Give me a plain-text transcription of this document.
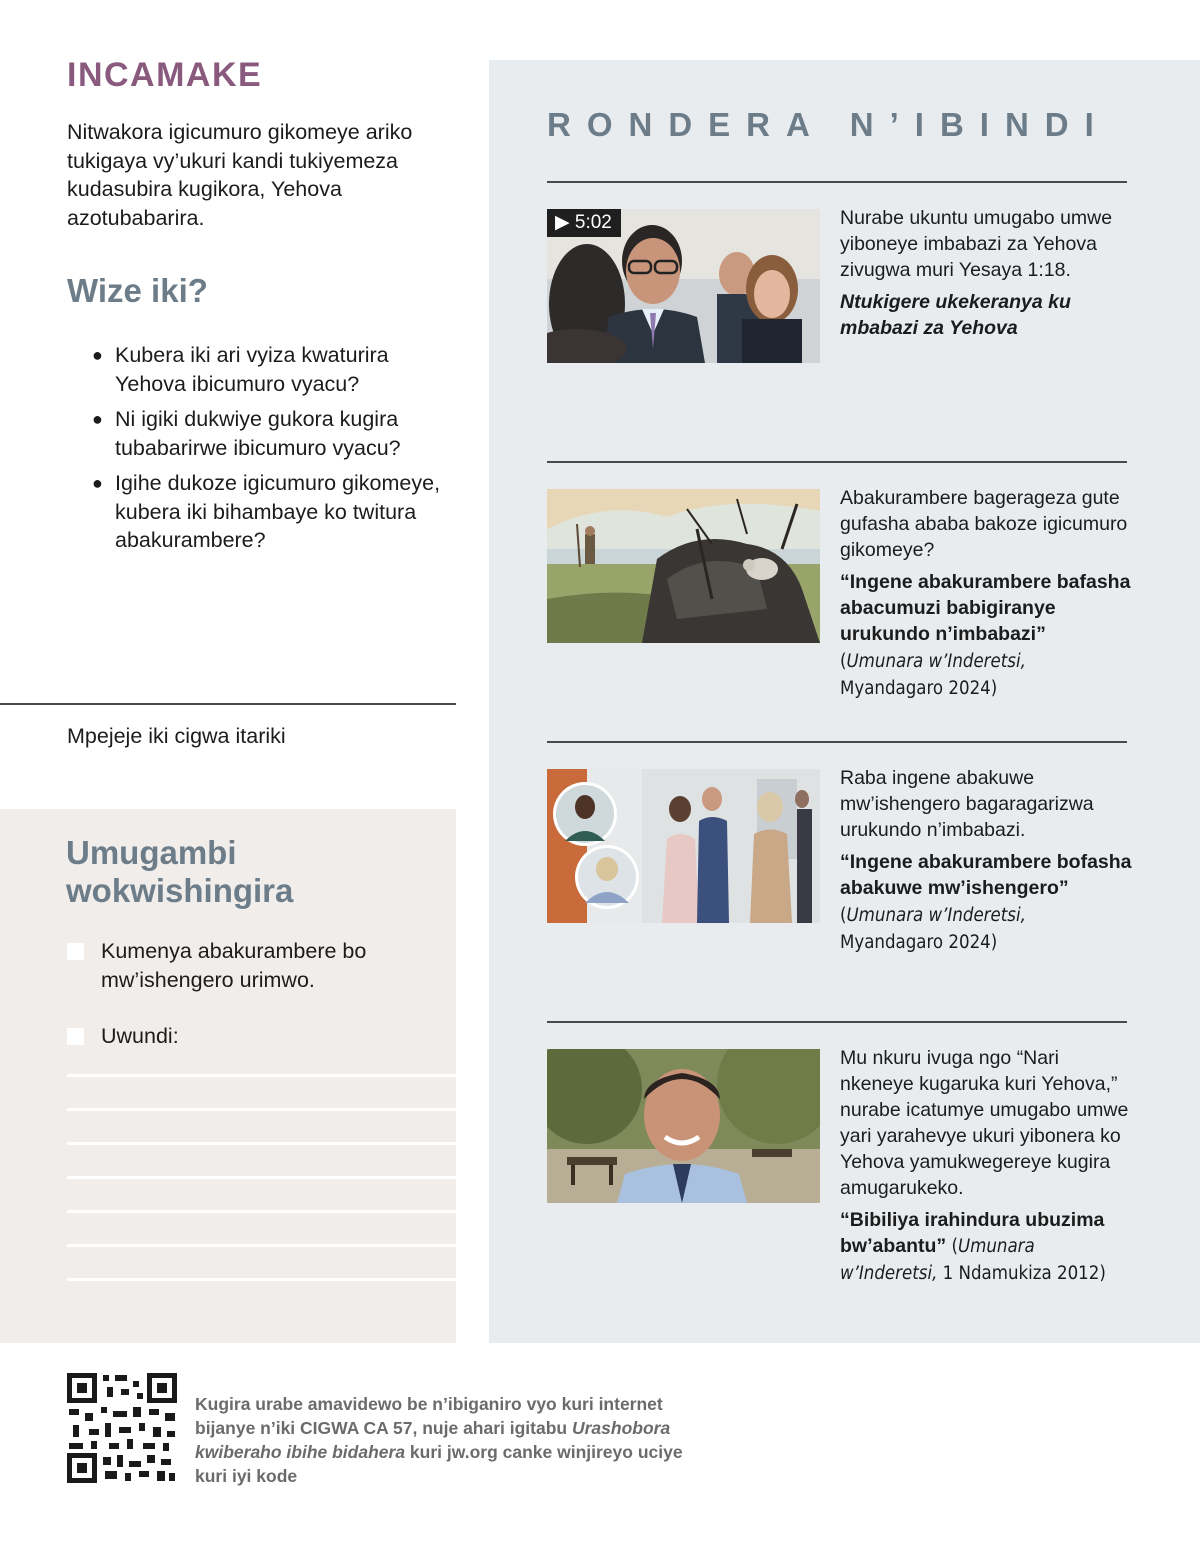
INCAMAKE

Nitwakora igicumuro gikomeye ariko tukigaya vy’ukuri kandi tukiyemeza kudasubira kugikora, Yehova azotubabarira.

Wize iki?
● Kubera iki ari vyiza kwaturira Yehova ibicumuro vyacu?
● Ni igiki dukwiye gukora kugira tubabarirwe ibicumuro vyacu?
● Igihe dukoze igicumuro gikomeye, kubera iki bihambaye ko twitura abakurambere?
Mpejeje iki cigwa itariki
Umugambi wokwishingira
Kumenya abakurambere bo mw’ishengero urimwo.
Uwundi:
RONDERA N’IBINDI
▶ 5:02	Nurabe ukuntu umugabo umwe yiboneye imbabazi za Yehova zivugwa muri Yesaya 1:18.
Ntukigere ukekeranya ku mbabazi za Yehova
Abakurambere bagerageza gute gufasha ababa bakoze igicumuro gikomeye?
“Ingene abakurambere bafasha abacumuzi babigiranye urukundo n’imbabazi” (Umunara w’Inderetsi, Myandagaro 2024)
Raba ingene abakuwe mw’ishengero bagaragarizwa urukundo n’imbabazi.
“Ingene abakurambere bofasha abakuwe mw’ishengero” (Umunara w’Inderetsi, Myandagaro 2024)
Mu nkuru ivuga ngo “Nari nkeneye kugaruka kuri Yehova,” nurabe icatumye umugabo umwe yari yarahevye ukuri yibonera ko Yehova yamukwegereye kugira amugarukeko.
“Bibiliya irahindura ubuzima bw’abantu” (Umunara w’Inderetsi, 1 Ndamukiza 2012)
Kugira urabe amavidewo be n’ibiganiro vyo kuri internet bijanye n’iki CIGWA CA 57, nuje ahari igitabu Urashobora kwiberaho ibihe bidahera kuri jw.org canke winjireyo uciye kuri iyi kode
